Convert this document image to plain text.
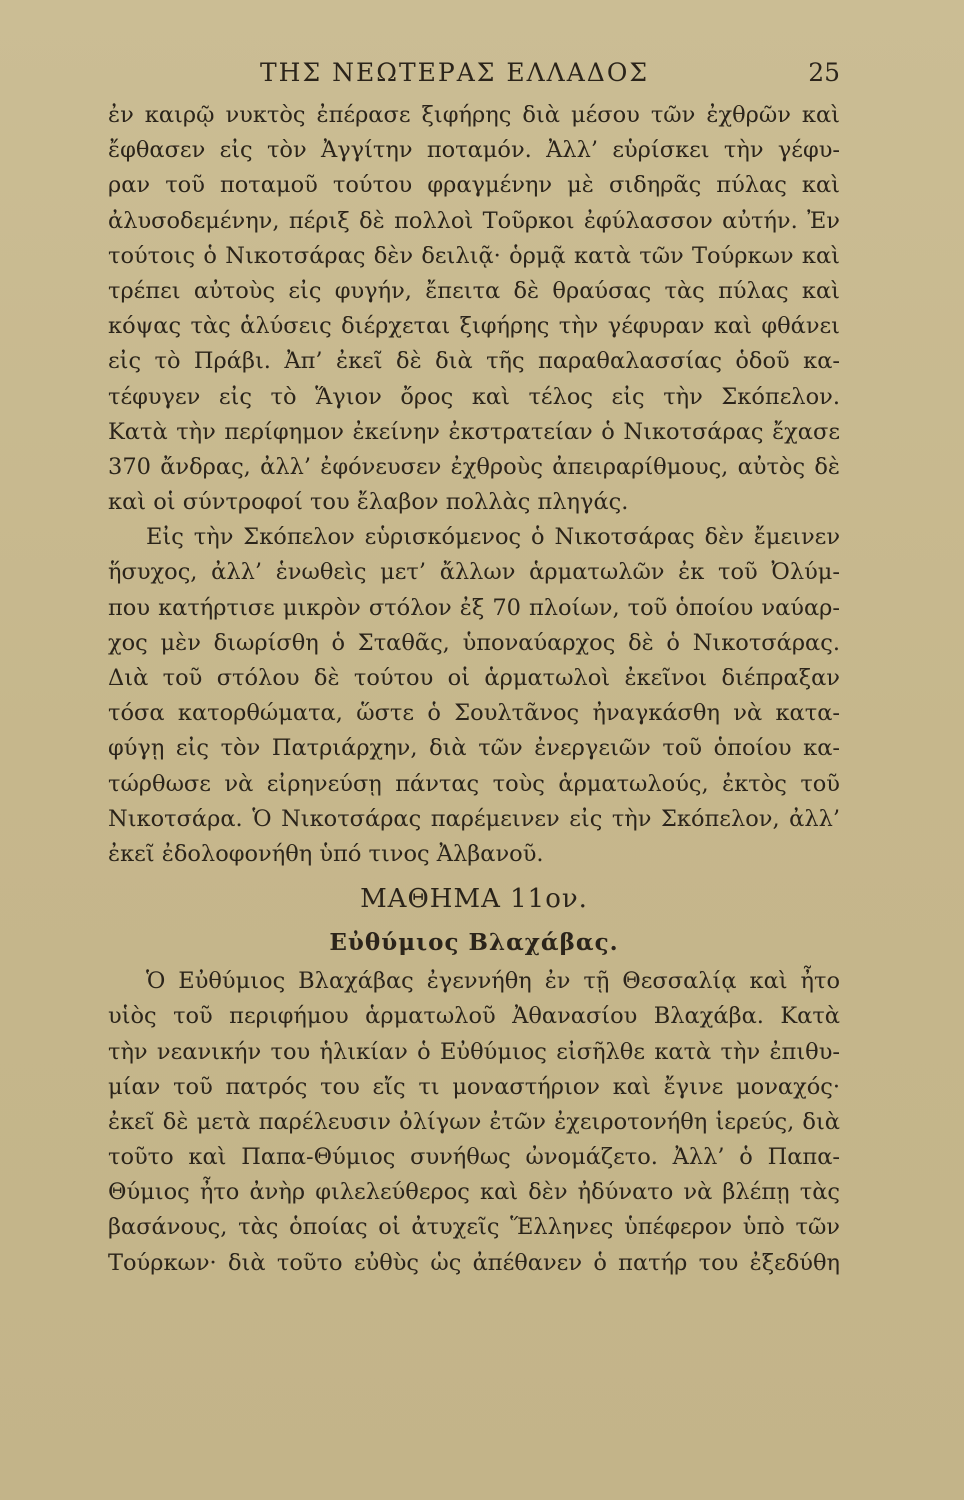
ΤΗΣ ΝΕΩΤΕΡΑΣ ΕΛΛΑΔΟΣ	25
ἐν καιρῷ νυκτὸς ἐπέρασε ξιφήρης διὰ μέσου τῶν ἐχθρῶν καὶ
ἔφθασεν εἰς τὸν Ἀγγίτην ποταμόν. Ἀλλ’ εὑρίσκει τὴν γέφυ-
ραν τοῦ ποταμοῦ τούτου φραγμένην μὲ σιδηρᾶς πύλας καὶ
ἀλυσοδεμένην, πέριξ δὲ πολλοὶ Τοῦρκοι ἐφύλασσον αὐτήν. Ἐν
τούτοις ὁ Νικοτσάρας δὲν δειλιᾷ· ὁρμᾷ κατὰ τῶν Τούρκων καὶ
τρέπει αὐτοὺς εἰς φυγήν, ἔπειτα δὲ θραύσας τὰς πύλας καὶ
κόψας τὰς ἁλύσεις διέρχεται ξιφήρης τὴν γέφυραν καὶ φθάνει
εἰς τὸ Πράβι. Ἀπ’ ἐκεῖ δὲ διὰ τῆς παραθαλασσίας ὁδοῦ κα-
τέφυγεν εἰς τὸ Ἅγιον ὄρος καὶ τέλος εἰς τὴν Σκόπελον.
Κατὰ τὴν περίφημον ἐκείνην ἐκστρατείαν ὁ Νικοτσάρας ἔχασε
370 ἄνδρας, ἀλλ’ ἐφόνευσεν ἐχθροὺς ἀπειραρίθμους, αὐτὸς δὲ
καὶ οἱ σύντροφοί του ἔλαβον πολλὰς πληγάς.
Εἰς τὴν Σκόπελον εὑρισκόμενος ὁ Νικοτσάρας δὲν ἔμεινεν
ἥσυχος, ἀλλ’ ἑνωθεὶς μετ’ ἄλλων ἁρματωλῶν ἐκ τοῦ Ὀλύμ-
που κατήρτισε μικρὸν στόλον ἐξ 70 πλοίων, τοῦ ὁποίου ναύαρ-
χος μὲν διωρίσθη ὁ Σταθᾶς, ὑποναύαρχος δὲ ὁ Νικοτσάρας.
Διὰ τοῦ στόλου δὲ τούτου οἱ ἁρματωλοὶ ἐκεῖνοι διέπραξαν
τόσα κατορθώματα, ὥστε ὁ Σουλτᾶνος ἠναγκάσθη νὰ κατα-
φύγῃ εἰς τὸν Πατριάρχην, διὰ τῶν ἐνεργειῶν τοῦ ὁποίου κα-
τώρθωσε νὰ εἰρηνεύσῃ πάντας τοὺς ἁρματωλούς, ἐκτὸς τοῦ
Νικοτσάρα. Ὁ Νικοτσάρας παρέμεινεν εἰς τὴν Σκόπελον, ἀλλ’
ἐκεῖ ἐδολοφονήθη ὑπό τινος Ἀλβανοῦ.
ΜΑΘΗΜΑ 11ον.
Εὐθύμιος Βλαχάβας.
Ὁ Εὐθύμιος Βλαχάβας ἐγεννήθη ἐν τῇ Θεσσαλίᾳ καὶ ἦτο
υἱὸς τοῦ περιφήμου ἁρματωλοῦ Ἀθανασίου Βλαχάβα. Κατὰ
τὴν νεανικήν του ἡλικίαν ὁ Εὐθύμιος εἰσῆλθε κατὰ τὴν ἐπιθυ-
μίαν τοῦ πατρός του εἴς τι μοναστήριον καὶ ἔγινε μοναχός·
ἐκεῖ δὲ μετὰ παρέλευσιν ὀλίγων ἐτῶν ἐχειροτονήθη ἱερεύς, διὰ
τοῦτο καὶ Παπα-Θύμιος συνήθως ὠνομάζετο. Ἀλλ’ ὁ Παπα-
Θύμιος ἦτο ἀνὴρ φιλελεύθερος καὶ δὲν ἠδύνατο νὰ βλέπῃ τὰς
βασάνους, τὰς ὁποίας οἱ ἀτυχεῖς Ἕλληνες ὑπέφερον ὑπὸ τῶν
Τούρκων· διὰ τοῦτο εὐθὺς ὡς ἀπέθανεν ὁ πατήρ του ἐξεδύθη
